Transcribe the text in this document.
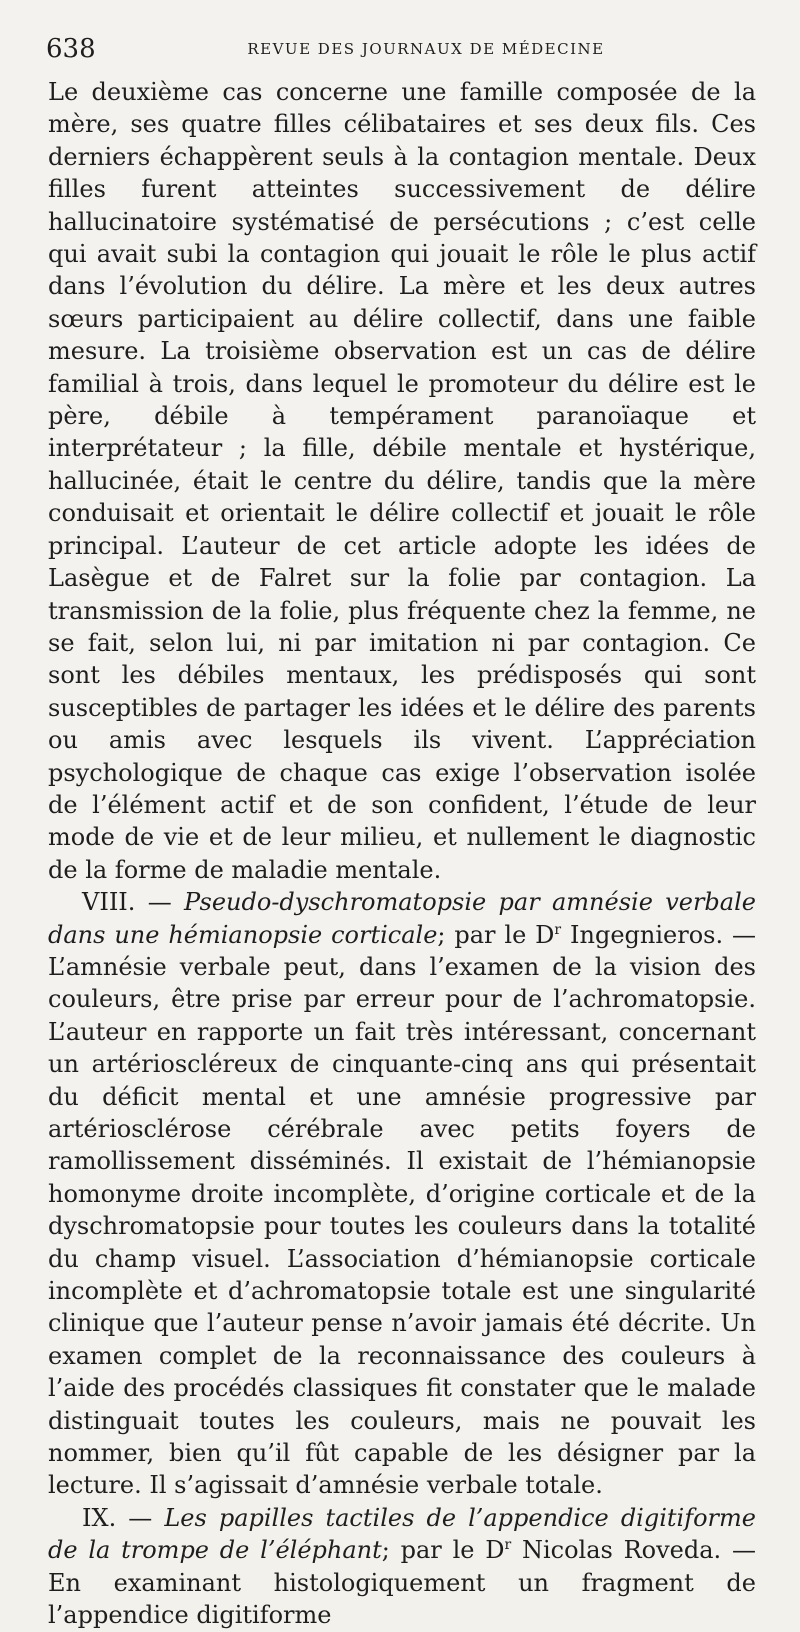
638	REVUE DES JOURNAUX DE MÉDECINE

Le deuxième cas concerne une famille composée de la mère, ses quatre filles célibataires et ses deux fils. Ces derniers échappèrent seuls à la contagion mentale. Deux filles furent atteintes successivement de délire hallucinatoire systématisé de persécutions ; c’est celle qui avait subi la contagion qui jouait le rôle le plus actif dans l’évolution du délire. La mère et les deux autres sœurs participaient au délire collectif, dans une faible mesure. La troisième observation est un cas de délire familial à trois, dans lequel le promoteur du délire est le père, débile à tempérament paranoïaque et interprétateur ; la fille, débile mentale et hystérique, hallucinée, était le centre du délire, tandis que la mère conduisait et orientait le délire collectif et jouait le rôle principal. L’auteur de cet article adopte les idées de Lasègue et de Falret sur la folie par contagion. La transmission de la folie, plus fréquente chez la femme, ne se fait, selon lui, ni par imitation ni par contagion. Ce sont les débiles mentaux, les prédisposés qui sont susceptibles de partager les idées et le délire des parents ou amis avec lesquels ils vivent. L’appréciation psychologique de chaque cas exige l’observation isolée de l’élément actif et de son confident, l’étude de leur mode de vie et de leur milieu, et nullement le diagnostic de la forme de maladie mentale.

VIII. — Pseudo-dyschromatopsie par amnésie verbale dans une hémianopsie corticale; par le $D^r$ Ingegnieros. — L’amnésie verbale peut, dans l’examen de la vision des couleurs, être prise par erreur pour de l’achromatopsie. L’auteur en rapporte un fait très intéressant, concernant un artérioscléreux de cinquante-cinq ans qui présentait du déficit mental et une amnésie progressive par artériosclérose cérébrale avec petits foyers de ramollissement disséminés. Il existait de l’hémianopsie homonyme droite incomplète, d’origine corticale et de la dyschromatopsie pour toutes les couleurs dans la totalité du champ visuel. L’association d’hémianopsie corticale incomplète et d’achromatopsie totale est une singularité clinique que l’auteur pense n’avoir jamais été décrite. Un examen complet de la reconnaissance des couleurs à l’aide des procédés classiques fit constater que le malade distinguait toutes les couleurs, mais ne pouvait les nommer, bien qu’il fût capable de les désigner par la lecture. Il s’agissait d’amnésie verbale totale.

IX. — Les papilles tactiles de l’appendice digitiforme de la trompe de l’éléphant; par le $D^r$ Nicolas Roveda. — En examinant histologiquement un fragment de l’appendice digitiforme
